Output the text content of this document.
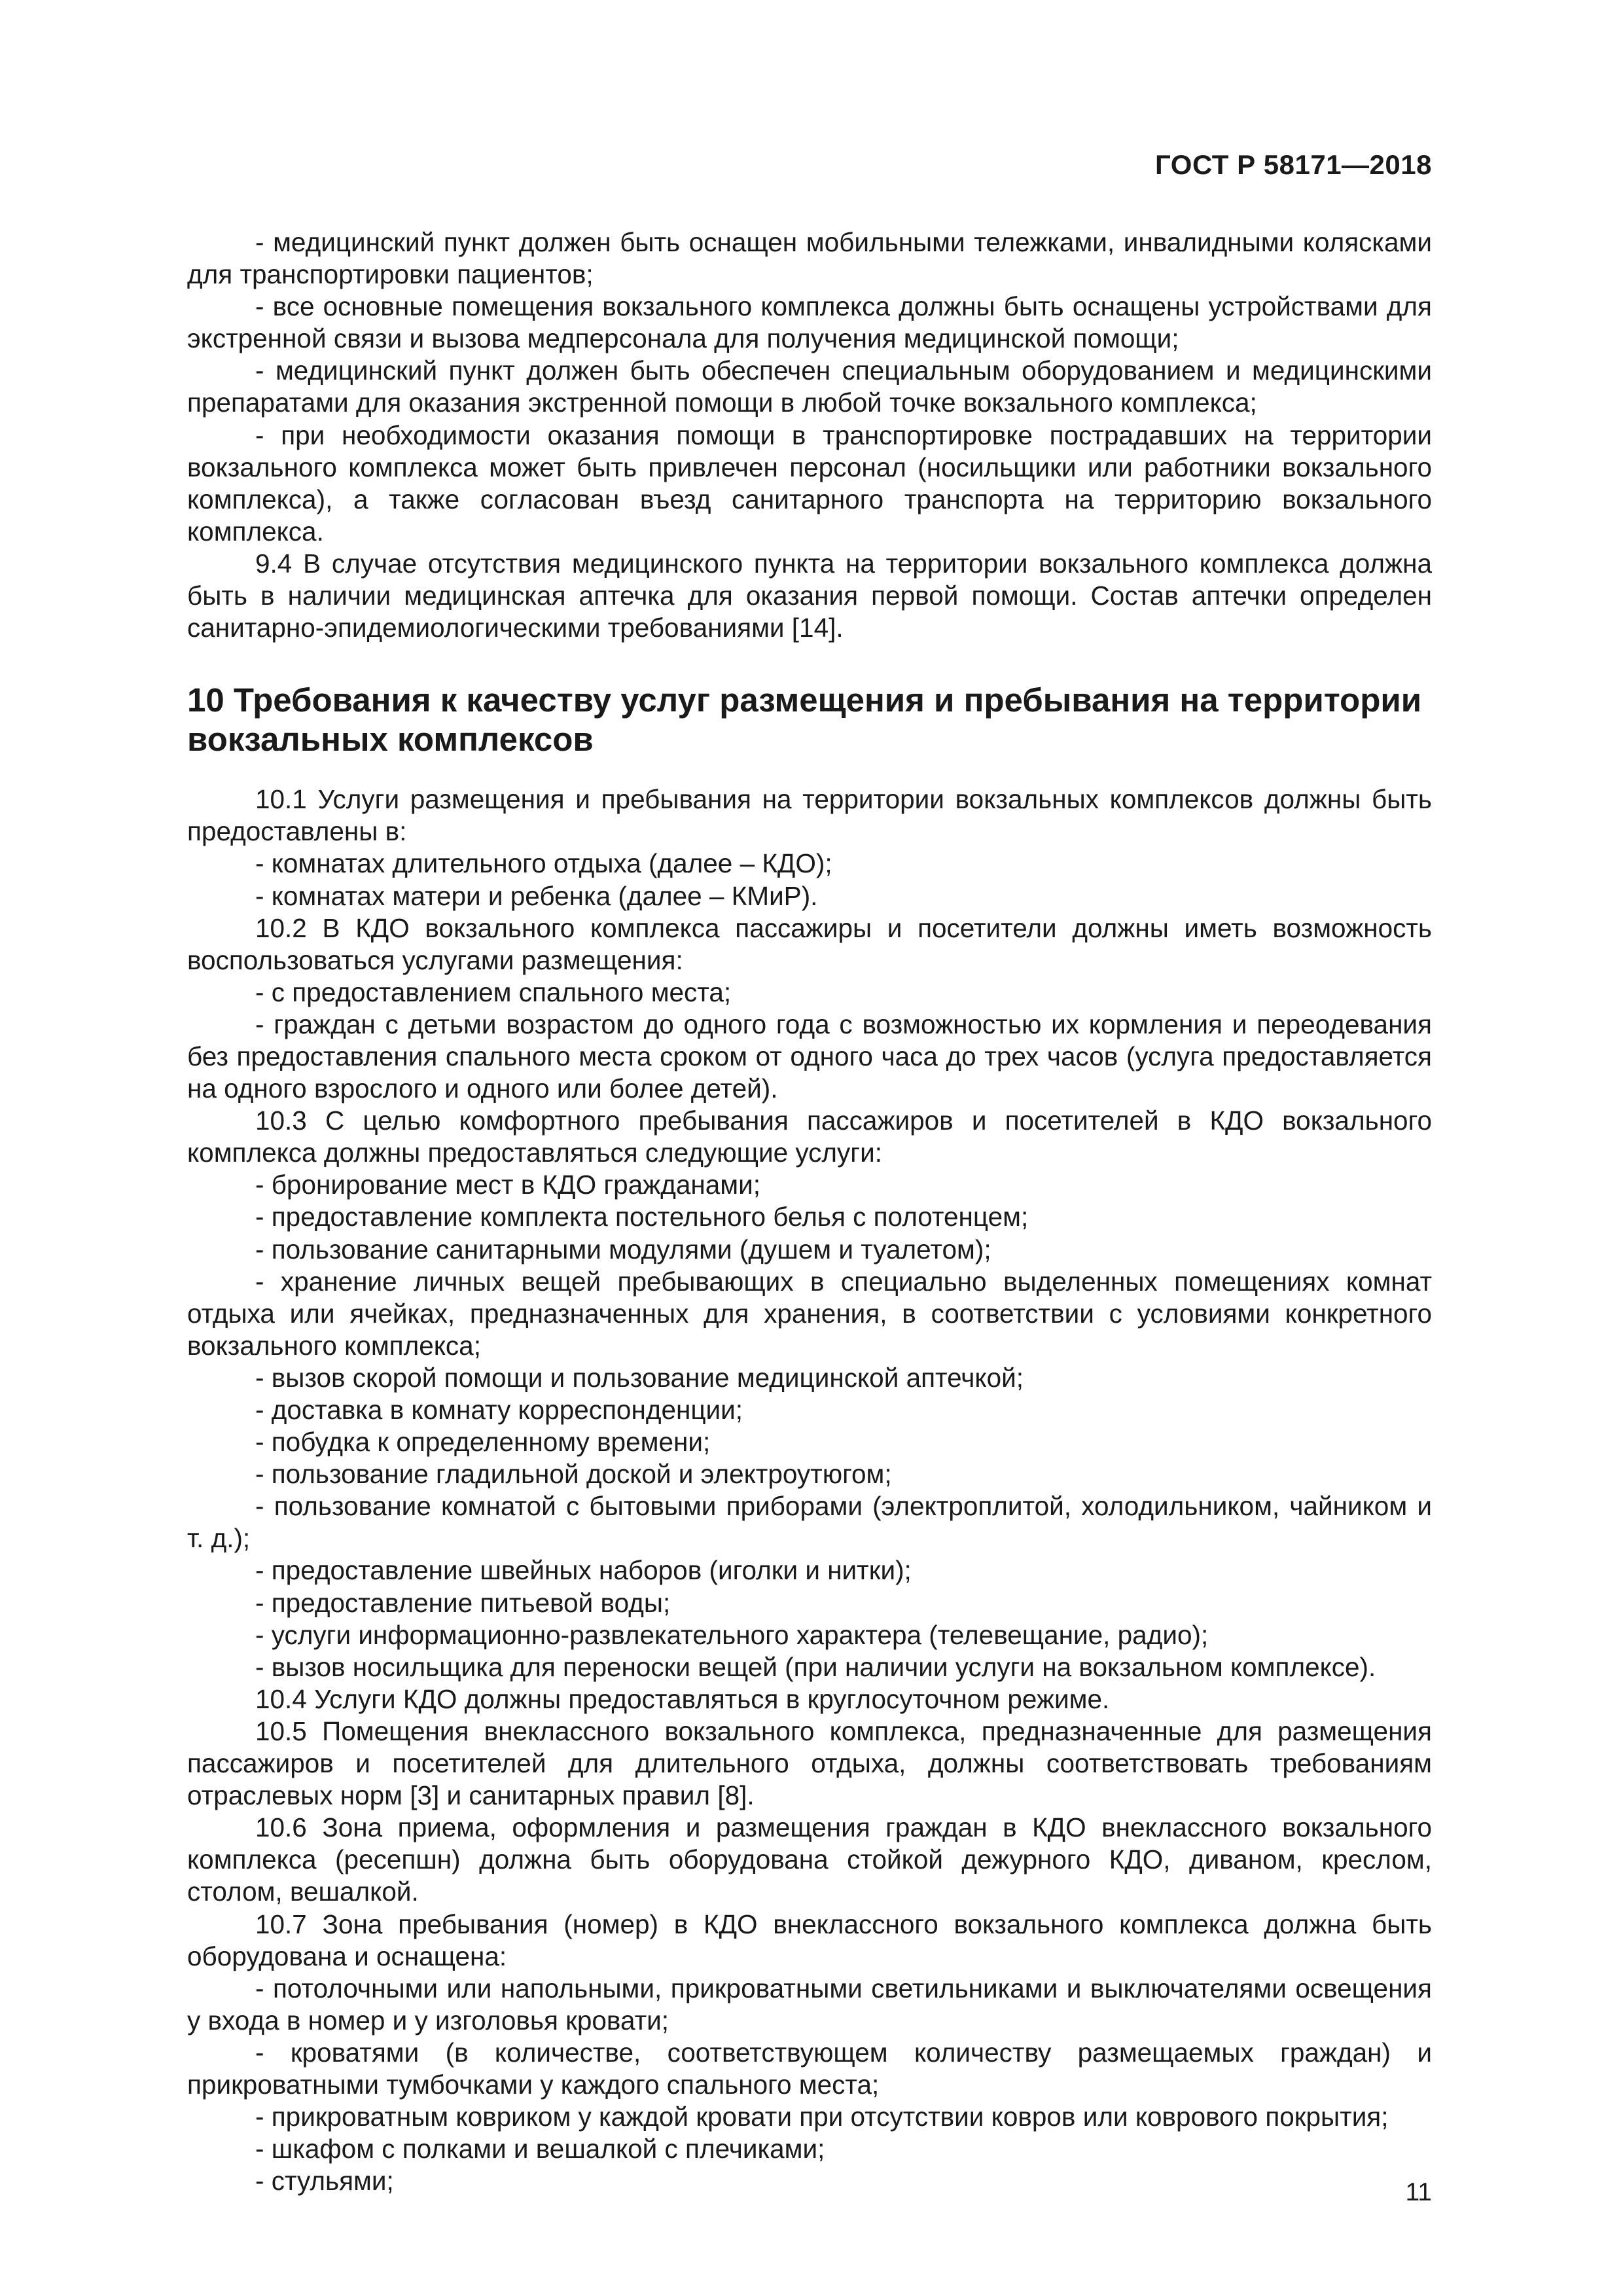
ГОСТ Р 58171—2018

- медицинский пункт должен быть оснащен мобильными тележками, инвалидными колясками для транспортировки пациентов;

- все основные помещения вокзального комплекса должны быть оснащены устройствами для экстренной связи и вызова медперсонала для получения медицинской помощи;

- медицинский пункт должен быть обеспечен специальным оборудованием и медицинскими препаратами для оказания экстренной помощи в любой точке вокзального комплекса;

- при необходимости оказания помощи в транспортировке пострадавших на территории вокзального комплекса может быть привлечен персонал (носильщики или работники вокзального комплекса), а также согласован въезд санитарного транспорта на территорию вокзального комплекса.

9.4 В случае отсутствия медицинского пункта на территории вокзального комплекса должна быть в наличии медицинская аптечка для оказания первой помощи. Состав аптечки определен санитарно-эпидемиологическими требованиями [14].

10 Требования к качеству услуг размещения и пребывания на территории вокзальных комплексов

10.1 Услуги размещения и пребывания на территории вокзальных комплексов должны быть предоставлены в:

- комнатах длительного отдыха (далее – КДО);

- комнатах матери и ребенка (далее – КМиР).

10.2 В КДО вокзального комплекса пассажиры и посетители должны иметь возможность воспользоваться услугами размещения:

- с предоставлением спального места;

- граждан с детьми возрастом до одного года с возможностью их кормления и переодевания без предоставления спального места сроком от одного часа до трех часов (услуга предоставляется на одного взрослого и одного или более детей).

10.3 С целью комфортного пребывания пассажиров и посетителей в КДО вокзального комплекса должны предоставляться следующие услуги:

- бронирование мест в КДО гражданами;

- предоставление комплекта постельного белья с полотенцем;

- пользование санитарными модулями (душем и туалетом);

- хранение личных вещей пребывающих в специально выделенных помещениях комнат отдыха или ячейках, предназначенных для хранения, в соответствии с условиями конкретного вокзального комплекса;

- вызов скорой помощи и пользование медицинской аптечкой;

- доставка в комнату корреспонденции;

- побудка к определенному времени;

- пользование гладильной доской и электроутюгом;

- пользование комнатой с бытовыми приборами (электроплитой, холодильником, чайником и т. д.);

- предоставление швейных наборов (иголки и нитки);

- предоставление питьевой воды;

- услуги информационно-развлекательного характера (телевещание, радио);

- вызов носильщика для переноски вещей (при наличии услуги на вокзальном комплексе).

10.4 Услуги КДО должны предоставляться в круглосуточном режиме.

10.5 Помещения внеклассного вокзального комплекса, предназначенные для размещения пассажиров и посетителей для длительного отдыха, должны соответствовать требованиям отраслевых норм [3] и санитарных правил [8].

10.6 Зона приема, оформления и размещения граждан в КДО внеклассного вокзального комплекса (ресепшн) должна быть оборудована стойкой дежурного КДО, диваном, креслом, столом, вешалкой.

10.7 Зона пребывания (номер) в КДО внеклассного вокзального комплекса должна быть оборудована и оснащена:

- потолочными или напольными, прикроватными светильниками и выключателями освещения у входа в номер и у изголовья кровати;

- кроватями (в количестве, соответствующем количеству размещаемых граждан) и прикроватными тумбочками у каждого спального места;

- прикроватным ковриком у каждой кровати при отсутствии ковров или коврового покрытия;

- шкафом с полками и вешалкой с плечиками;

- стульями;	11
